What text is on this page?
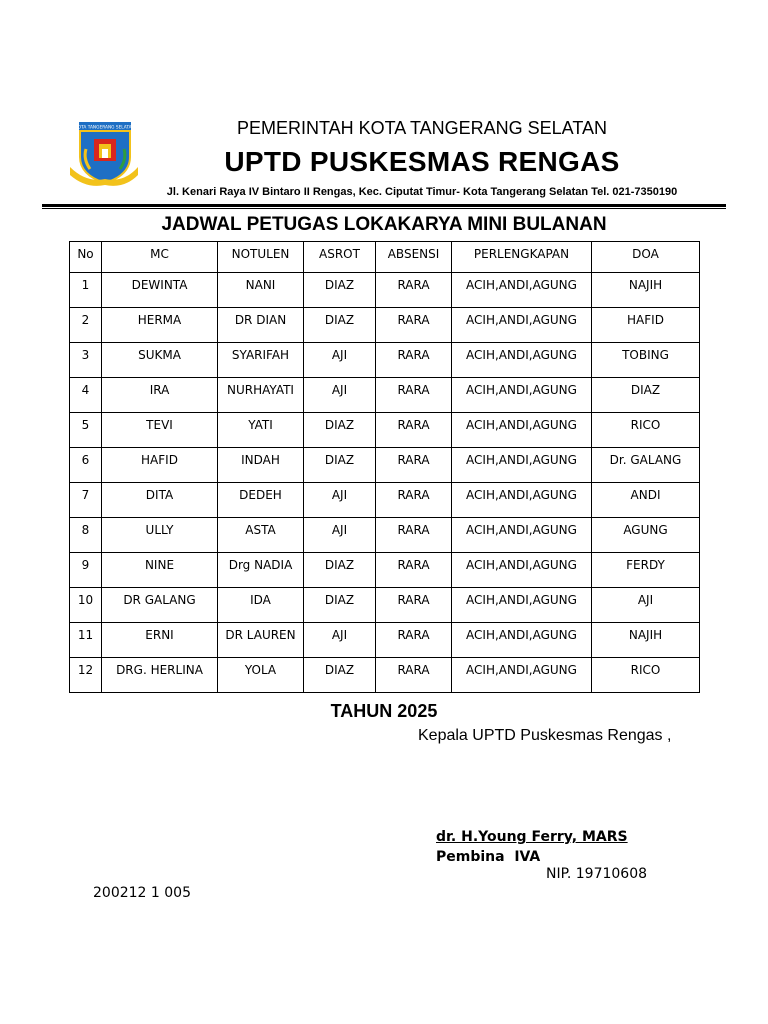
KOTA TANGERANG SELATAN	PEMERINTAH KOTA TANGERANG SELATAN
UPTD PUSKESMAS RENGAS
Jl. Kenari Raya IV Bintaro II Rengas, Kec. Ciputat Timur- Kota Tangerang Selatan Tel. 021-7350190
JADWAL PETUGAS LOKAKARYA MINI BULANAN
No	MC	NOTULEN	ASROT	ABSENSI	PERLENGKAPAN	DOA
1	DEWINTA	NANI	DIAZ	RARA	ACIH,ANDI,AGUNG	NAJIH
2	HERMA	DR DIAN	DIAZ	RARA	ACIH,ANDI,AGUNG	HAFID
3	SUKMA	SYARIFAH	AJI	RARA	ACIH,ANDI,AGUNG	TOBING
4	IRA	NURHAYATI	AJI	RARA	ACIH,ANDI,AGUNG	DIAZ
5	TEVI	YATI	DIAZ	RARA	ACIH,ANDI,AGUNG	RICO
6	HAFID	INDAH	DIAZ	RARA	ACIH,ANDI,AGUNG	Dr. GALANG
7	DITA	DEDEH	AJI	RARA	ACIH,ANDI,AGUNG	ANDI
8	ULLY	ASTA	AJI	RARA	ACIH,ANDI,AGUNG	AGUNG
9	NINE	Drg NADIA	DIAZ	RARA	ACIH,ANDI,AGUNG	FERDY
10	DR GALANG	IDA	DIAZ	RARA	ACIH,ANDI,AGUNG	AJI
11	ERNI	DR LAUREN	AJI	RARA	ACIH,ANDI,AGUNG	NAJIH
12	DRG. HERLINA	YOLA	DIAZ	RARA	ACIH,ANDI,AGUNG	RICO
TAHUN 2025
Kepala UPTD Puskesmas Rengas ,
dr. H.Young Ferry, MARS
Pembina  IVA
NIP. 19710608
200212 1 005
